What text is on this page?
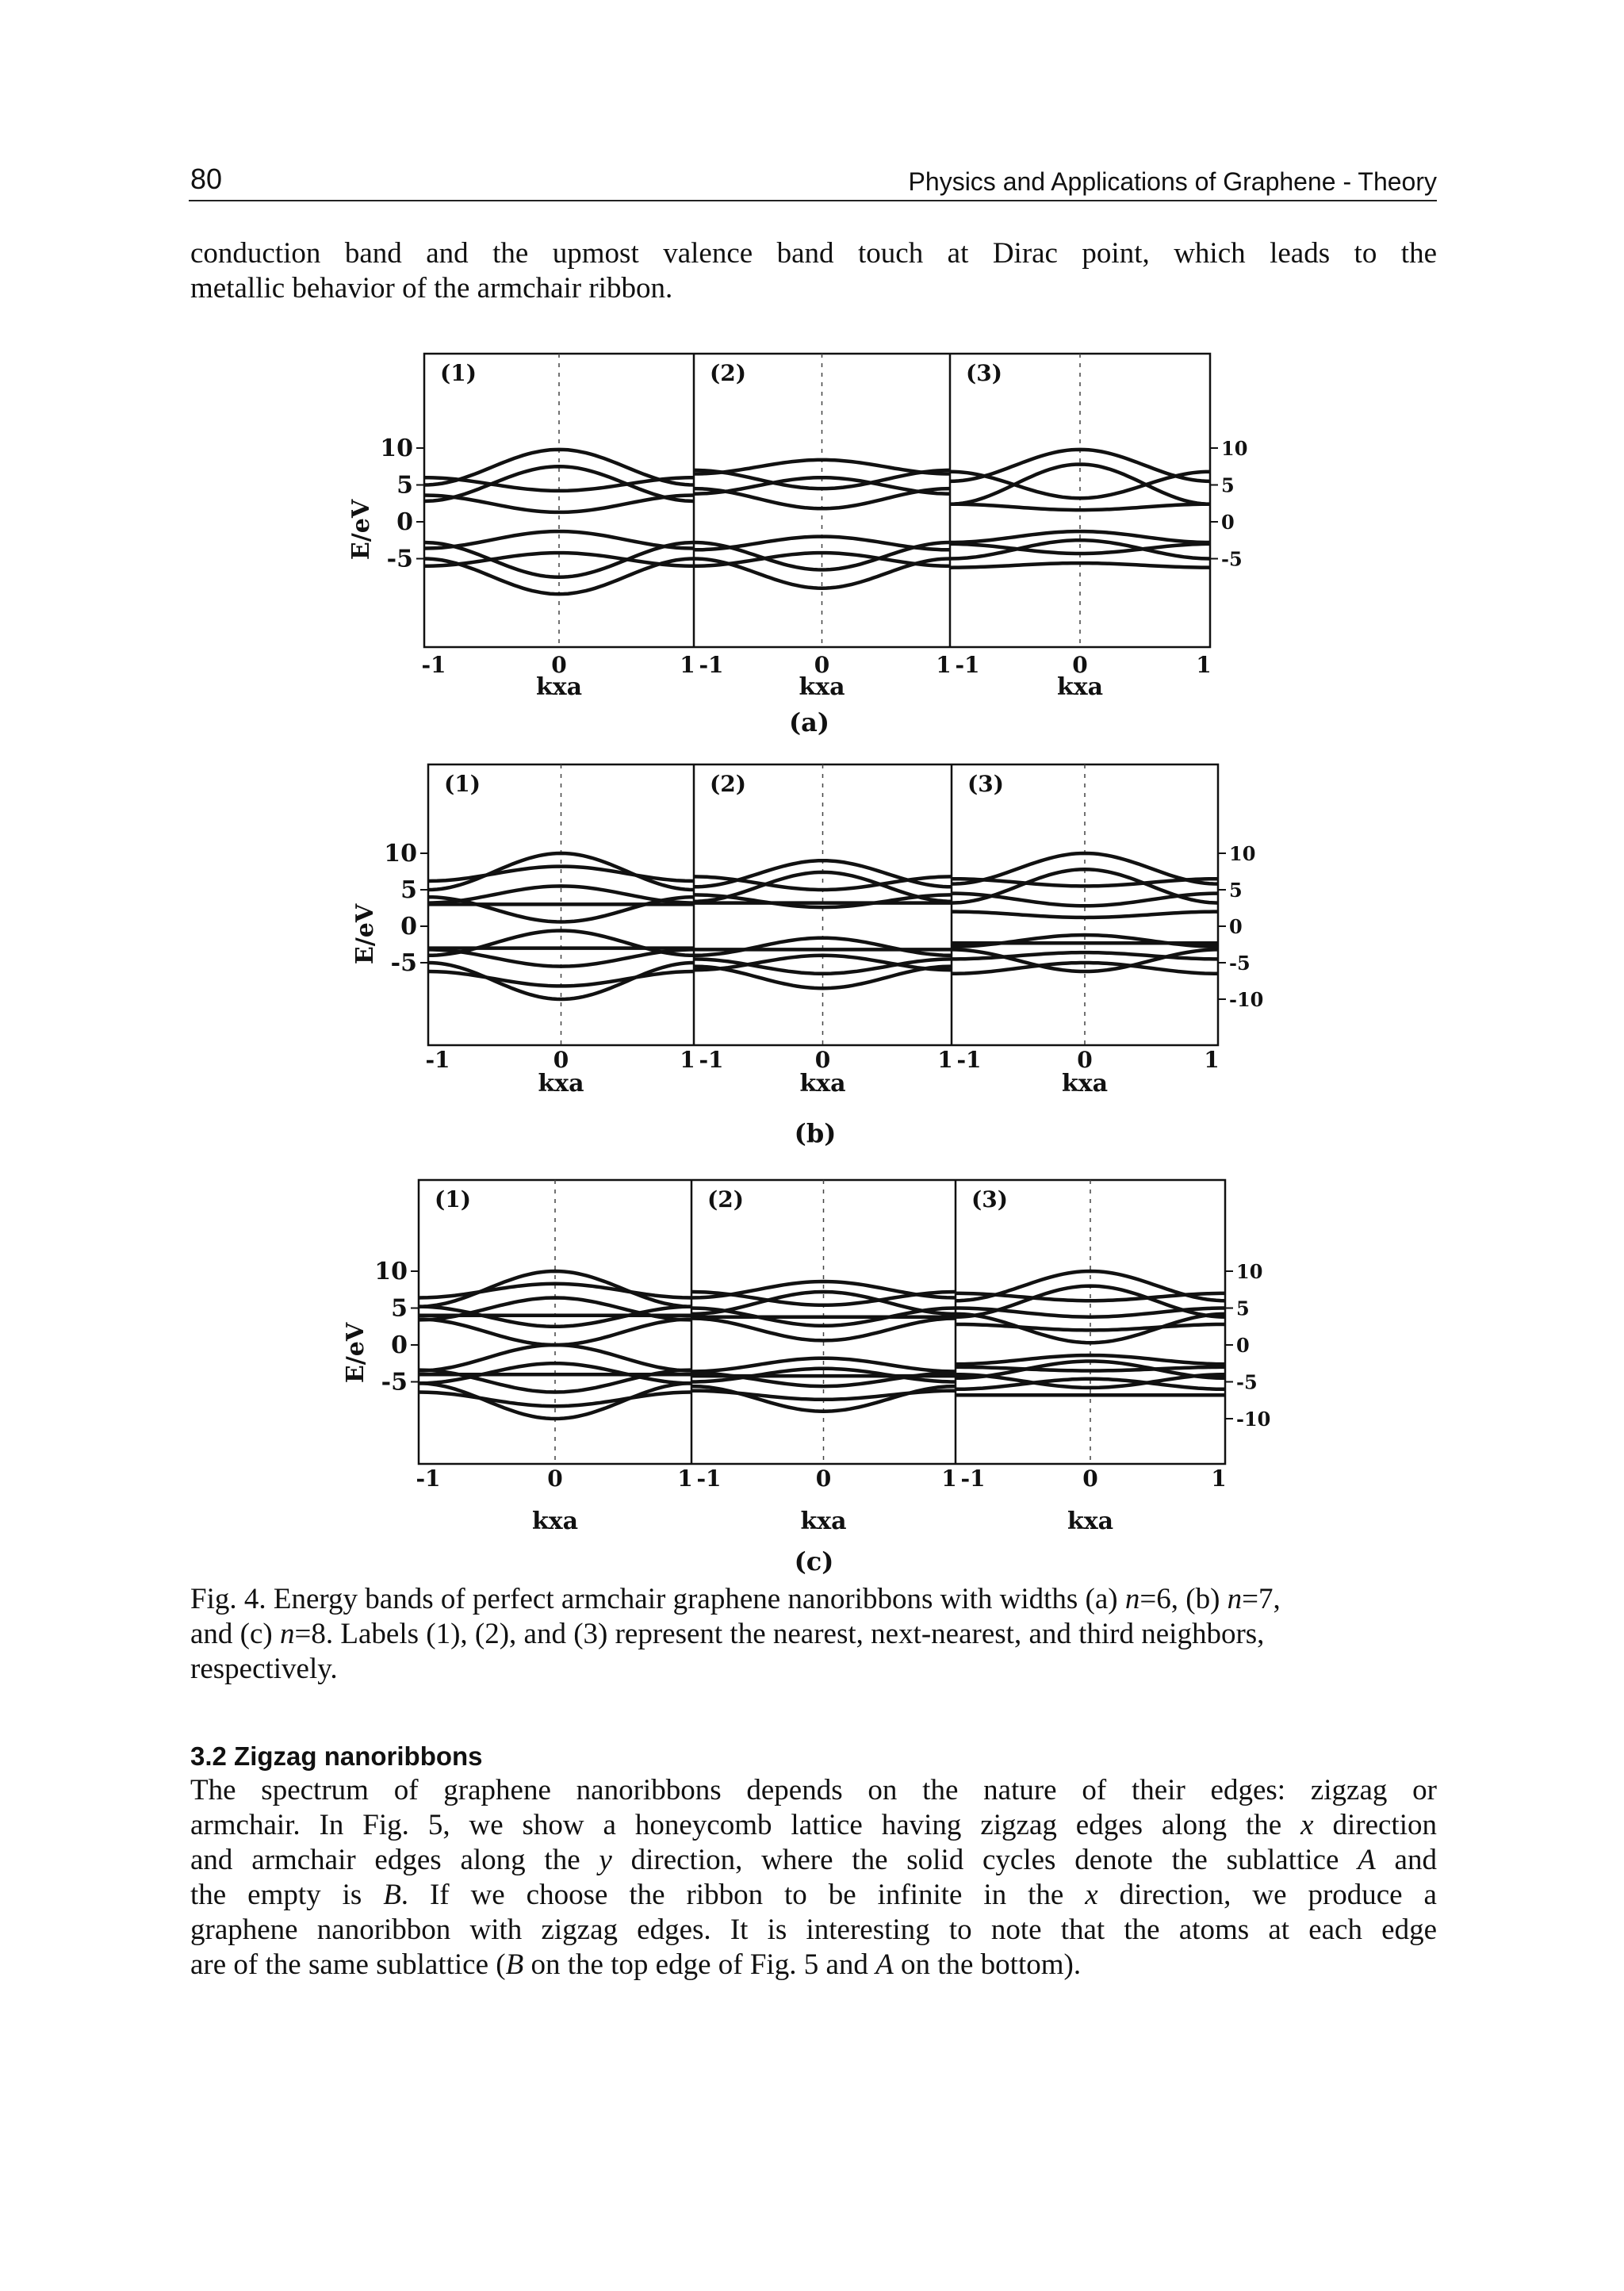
80	Physics and Applications of Graphene - Theory

conduction band and the upmost valence band touch at Dirac point, which leads to the
metallic behavior of the armchair ribbon.

E/eV
10
5
0
-5
10
5
0
-5
(1)
-1	0	1
kxa
(2)
-1	0	1
kxa
(3)
-1	0	1
kxa
(a)
E/eV
10
5
0
-5
10
5
0
-5
-10
(1)
-1	0	1
kxa
(2)
-1	0	1
kxa
(3)
-1	0	1
kxa
(b)
E/eV
10
5
0
-5
10
5
0
-5
-10
(1)
-1	0	1
kxa
(2)
-1	0	1
kxa
(3)
-1	0	1
kxa
(c)

Fig. 4. Energy bands of perfect armchair graphene nanoribbons with widths (a) n=6, (b) n=7,
and (c) n=8. Labels (1), (2), and (3) represent the nearest, next-nearest, and third neighbors,
respectively.

3.2 Zigzag nanoribbons

The spectrum of graphene nanoribbons depends on the nature of their edges: zigzag or
armchair. In Fig. 5, we show a honeycomb lattice having zigzag edges along the x direction
and armchair edges along the y direction, where the solid cycles denote the sublattice A and
the empty is B. If we choose the ribbon to be infinite in the x direction, we produce a
graphene nanoribbon with zigzag edges. It is interesting to note that the atoms at each edge
are of the same sublattice (B on the top edge of Fig. 5 and A on the bottom).
